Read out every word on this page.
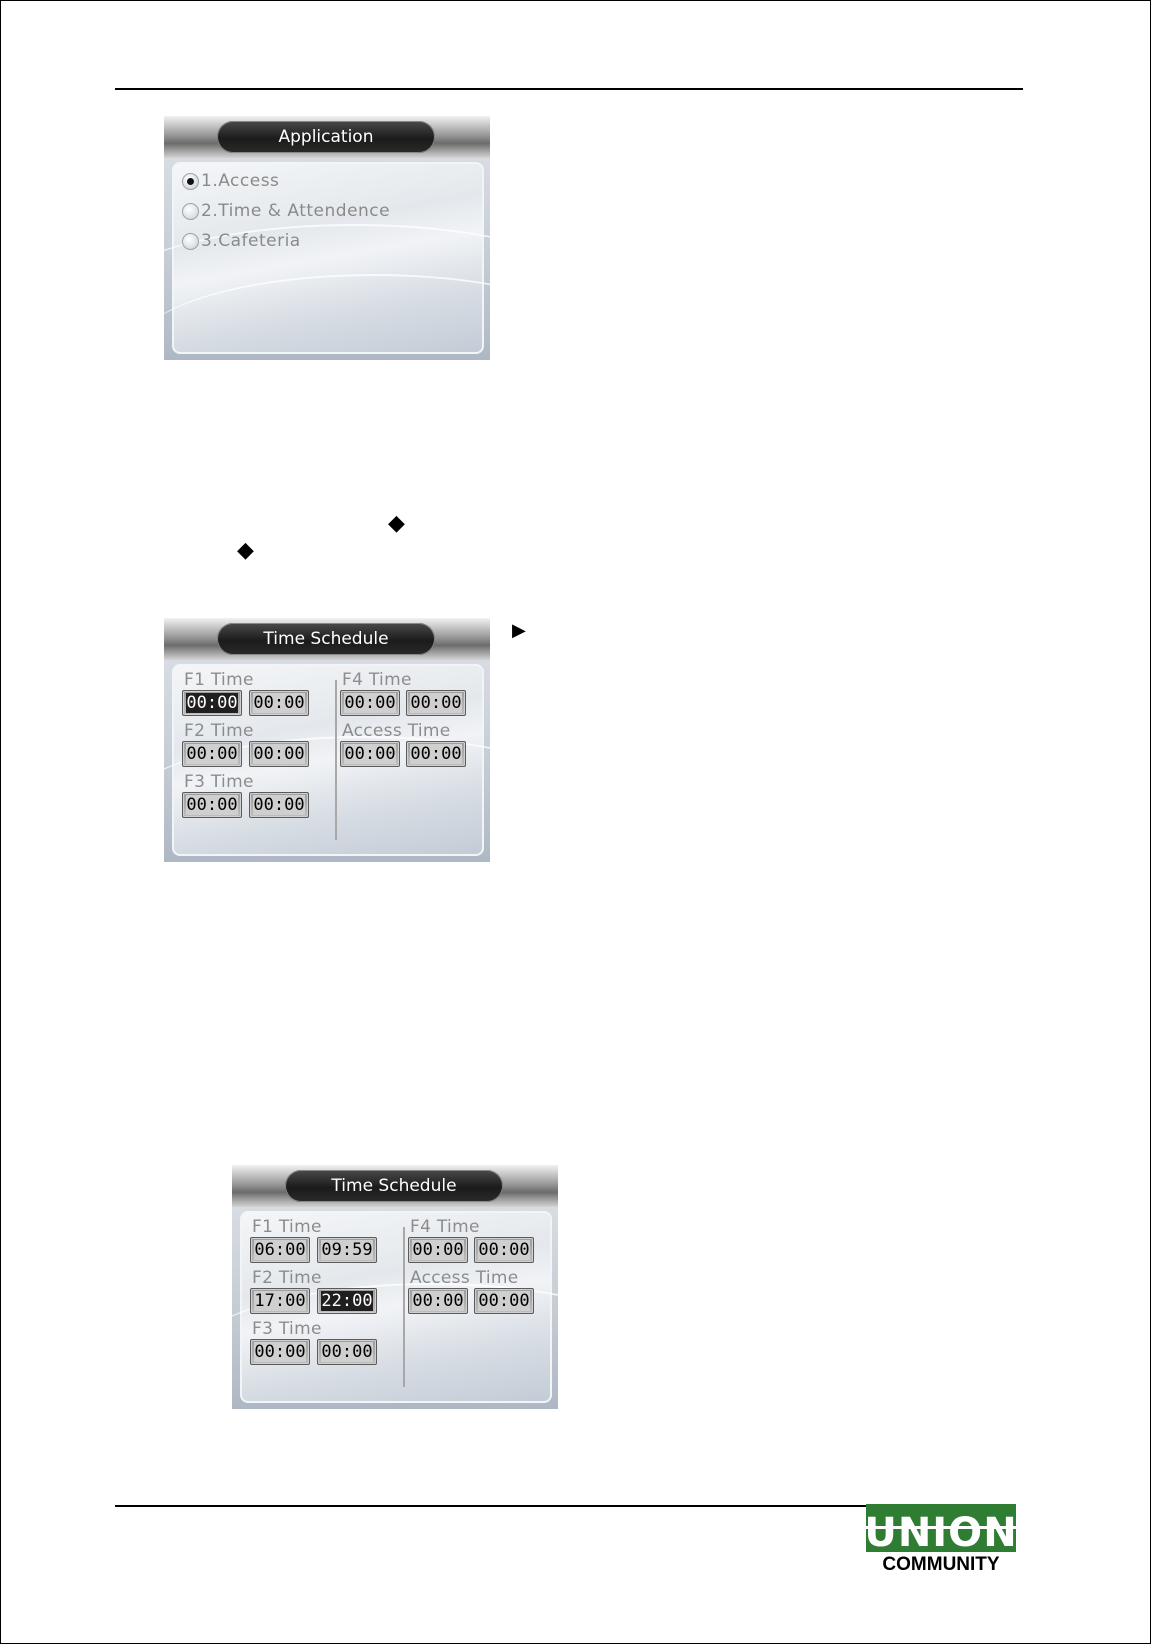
Application
1.Access
2.Time & Attendence
3.Cafeteria
◆
◆
▶
Time Schedule
F1 Time
00:00 00:00
F2 Time
00:00 00:00
F3 Time
00:00 00:00
F4 Time
00:00 00:00
Access Time
00:00 00:00
Time Schedule
F1 Time
06:00 09:59
F2 Time
17:00 22:00
F3 Time
00:00 00:00
F4 Time
00:00 00:00
Access Time
00:00 00:00
UNION
COMMUNITY
